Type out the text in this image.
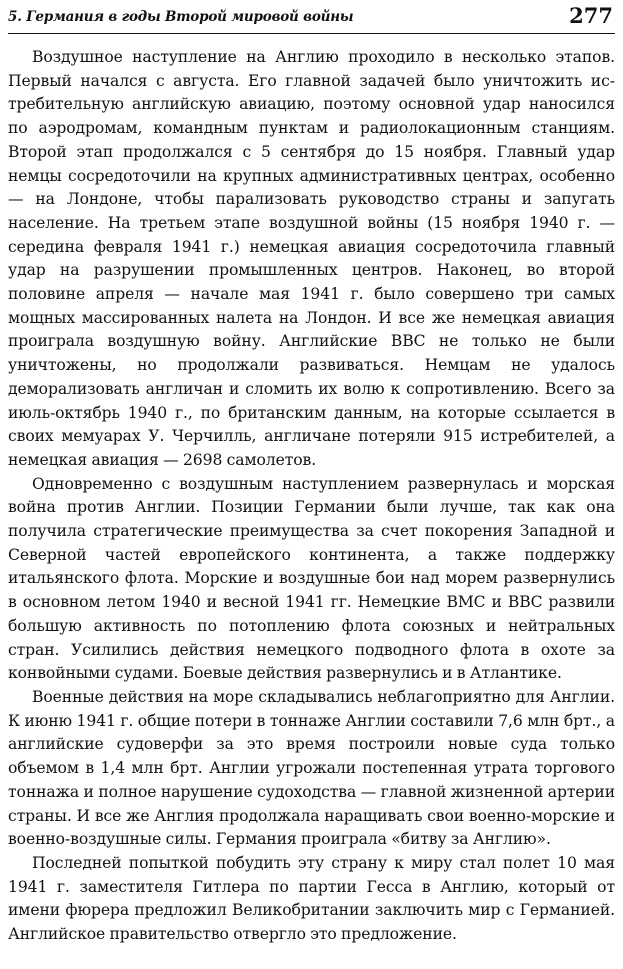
5. Германия в годы Второй мировой войны	277

Воздушное наступление на Англию проходило в несколько этапов. Первый начался с августа. Его главной задачей было уничтожить истребительную английскую авиацию, поэтому основной удар наносился по аэродромам, командным пунктам и радиолокационным станциям. Второй этап продолжался с 5 сентября до 15 ноября. Главный удар немцы сосредоточили на крупных административных центрах, особенно — на Лондоне, чтобы парализовать руководство страны и запугать население. На третьем этапе воздушной войны (15 ноября 1940 г. — середина февраля 1941 г.) немецкая авиация сосредоточила главный удар на разрушении промышленных центров. Наконец, во второй половине апреля — начале мая 1941 г. было совершено три самых мощных массированных налета на Лондон. И все же немецкая авиация проиграла воздушную войну. Английские ВВС не только не были уничтожены, но продолжали развиваться. Немцам не удалось деморализовать англичан и сломить их волю к сопротивлению. Всего за июль-октябрь 1940 г., по британским данным, на которые ссылается в своих мемуарах У. Черчилль, англичане потеряли 915 истребителей, а немецкая авиация — 2698 самолетов.

Одновременно с воздушным наступлением развернулась и морская война против Англии. Позиции Германии были лучше, так как она получила стратегические преимущества за счет покорения Западной и Северной частей европейского континента, а также поддержку итальянского флота. Морские и воздушные бои над морем развернулись в основном летом 1940 и весной 1941 гг. Немецкие ВМС и ВВС развили большую активность по потоплению флота союзных и нейтральных стран. Усилились действия немецкого подводного флота в охоте за конвойными судами. Боевые действия развернулись и в Атлантике.

Военные действия на море складывались неблагоприятно для Англии. К июню 1941 г. общие потери в тоннаже Англии составили 7,6 млн брт., а английские судоверфи за это время построили новые суда только объемом в 1,4 млн брт. Англии угрожали постепенная утрата торгового тоннажа и полное нарушение судоходства — главной жизненной артерии страны. И все же Англия продолжала наращивать свои военно-морские и военно-воздушные силы. Германия проиграла «битву за Англию».

Последней попыткой побудить эту страну к миру стал полет 10 мая 1941 г. заместителя Гитлера по партии Гесса в Англию, который от имени фюрера предложил Великобритании заключить мир с Германией. Английское правительство отвергло это предложение.
